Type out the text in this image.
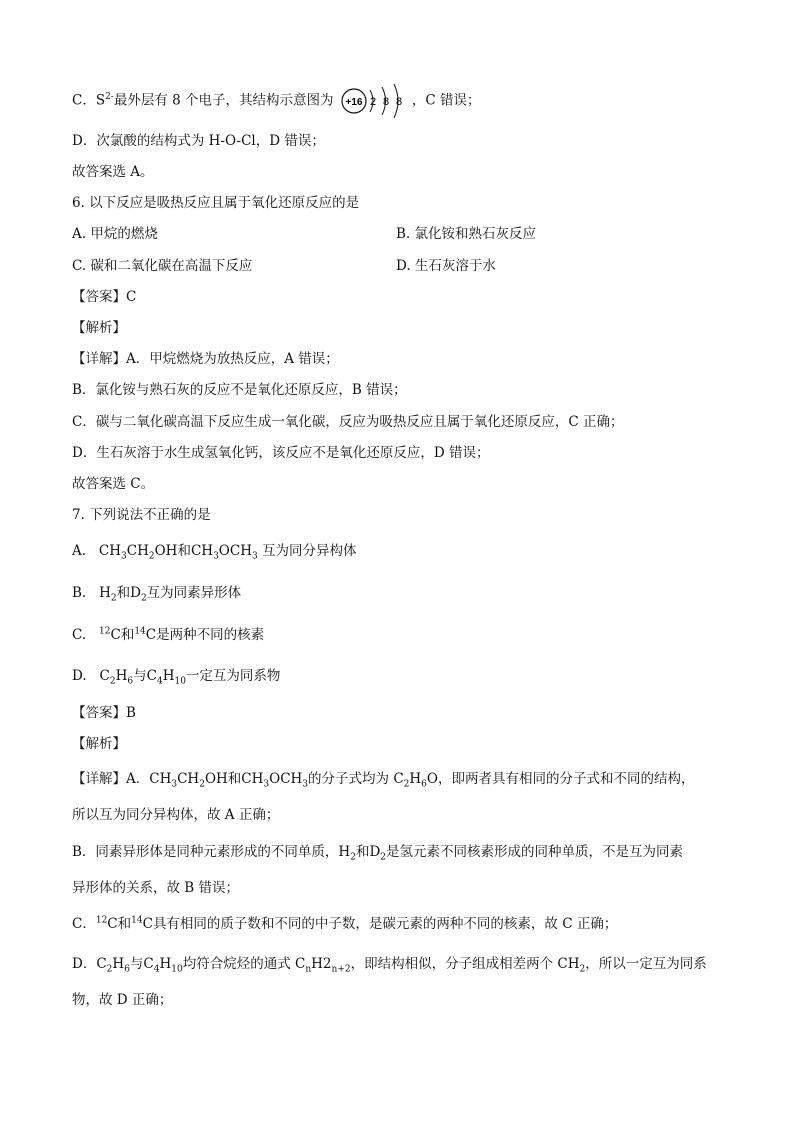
C．$S^{2-}$最外层有 8 个电子，其结构示意图为 +16 2 8 8 ，C 错误；
D．次氯酸的结构式为 H-O-Cl，D 错误；
故答案选 A。
6. 以下反应是吸热反应且属于氧化还原反应的是
A. 甲烷的燃烧	B. 氯化铵和熟石灰反应
C. 碳和二氧化碳在高温下反应	D. 生石灰溶于水
【答案】C
【解析】
【详解】A．甲烷燃烧为放热反应，A 错误；
B．氯化铵与熟石灰的反应不是氧化还原反应，B 错误；
C．碳与二氧化碳高温下反应生成一氧化碳，反应为吸热反应且属于氧化还原反应，C 正确；
D．生石灰溶于水生成氢氧化钙，该反应不是氧化还原反应，D 错误；
故答案选 C。
7. 下列说法不正确的是
A. $CH_3CH_2OH$和$CH_3OCH_3$ 互为同分异构体
B. $H_2$和$D_2$互为同素异形体
C. $^{12}$C和$^{14}$C是两种不同的核素
D. $C_2H_6$与$C_4H_{10}$一定互为同系物
【答案】B
【解析】
【详解】A．$CH_3CH_2OH$和$CH_3OCH_3$的分子式均为 $C_2H_6O$，即两者具有相同的分子式和不同的结构，
所以互为同分异构体，故 A 正确；
B．同素异形体是同种元素形成的不同单质，$H_2$和$D_2$是氢元素不同核素形成的同种单质，不是互为同素
异形体的关系，故 B 错误；
C．$^{12}$C和$^{14}$C具有相同的质子数和不同的中子数，是碳元素的两种不同的核素，故 C 正确；
D．$C_2H_6$与$C_4H_{10}$均符合烷烃的通式 $C_nH2_{n+2}$，即结构相似，分子组成相差两个 $CH_2$，所以一定互为同系
物，故 D 正确；
